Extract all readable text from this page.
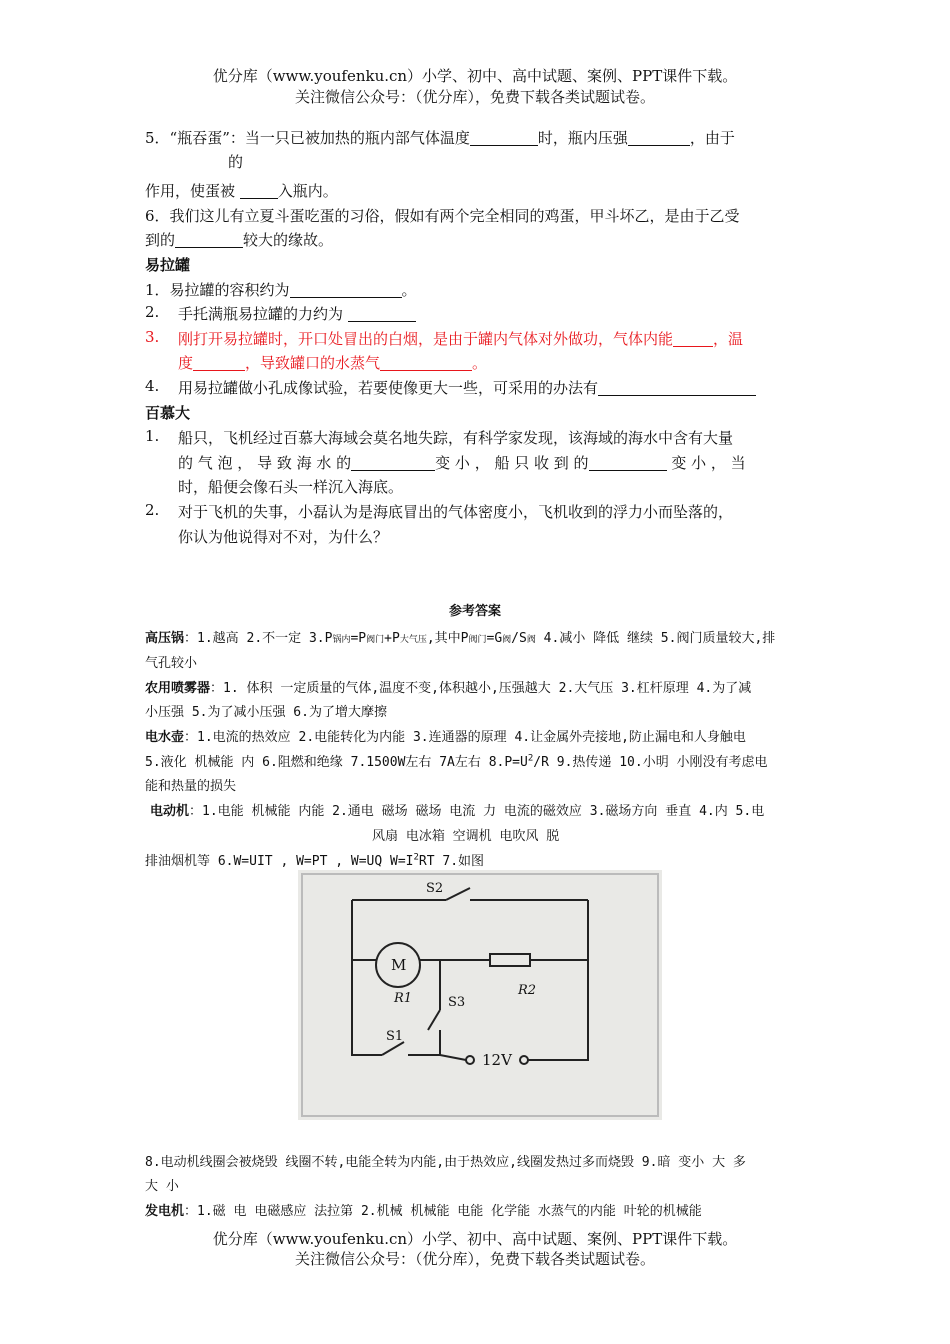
优分库（www.youfenku.cn）小学、初中、高中试题、案例、PPT课件下载。
关注微信公众号：（优分库），免费下载各类试题试卷。
5．“瓶吞蛋”：当一只已被加热的瓶内部气体温度	时，瓶内压强	，由于
的
作用，使蛋被	入瓶内。
6．我们这儿有立夏斗蛋吃蛋的习俗，假如有两个完全相同的鸡蛋，甲斗坏乙，是由于乙受
到的	较大的缘故。
易拉罐
1．易拉罐的容积约为	。
2. 手托满瓶易拉罐的力约为
3. 刚打开易拉罐时，开口处冒出的白烟，是由于罐内气体对外做功，气体内能	，温
度	，导致罐口的水蒸气	。
4. 用易拉罐做小孔成像试验，若要使像更大一些，可采用的办法有
百慕大
1. 船只，飞机经过百慕大海域会莫名地失踪，有科学家发现，该海域的海水中含有大量
的 气 泡 ， 导 致 海 水 的	变 小 ， 船 只 收 到 的	变 小 ， 当
时，船便会像石头一样沉入海底。
2. 对于飞机的失事，小磊认为是海底冒出的气体密度小，飞机收到的浮力小而坠落的，
你认为他说得对不对，为什么？
参考答案
高压锅：1.越高 2.不一定 3.P锅内=P阀门+P大气压,其中P阀门=G阀/S阀 4.减小 降低 继续 5.阀门质量较大,排
气孔较小
农用喷雾器：1. 体积 一定质量的气体,温度不变,体积越小,压强越大 2.大气压 3.杠杆原理 4.为了减
小压强 5.为了减小压强 6.为了增大摩擦
电水壶：1.电流的热效应 2.电能转化为内能 3.连通器的原理 4.让金属外壳接地,防止漏电和人身触电
5.液化 机械能 内 6.阻燃和绝缘 7.1500W左右 7A左右 $8.P=U^2/R$ 9.热传递 10.小明 小刚没有考虑电
能和热量的损失
电动机：1.电能 机械能 内能 2.通电 磁场 磁场 电流 力 电流的磁效应 3.磁场方向 垂直 4.内 5.电
风扇 电冰箱 空调机 电吹风 脱
排油烟机等 6.W=UIT , W=PT , W=UQ $W=I^2RT$ 7.如图
S2
M
R1	S3
R2
S1
12V
8.电动机线圈会被烧毁 线圈不转,电能全转为内能,由于热效应,线圈发热过多而烧毁 9.暗 变小 大 多
大 小
发电机：1.磁 电 电磁感应 法拉第 2.机械 机械能 电能 化学能 水蒸气的内能 叶轮的机械能
优分库（www.youfenku.cn）小学、初中、高中试题、案例、PPT课件下载。
关注微信公众号：（优分库），免费下载各类试题试卷。
